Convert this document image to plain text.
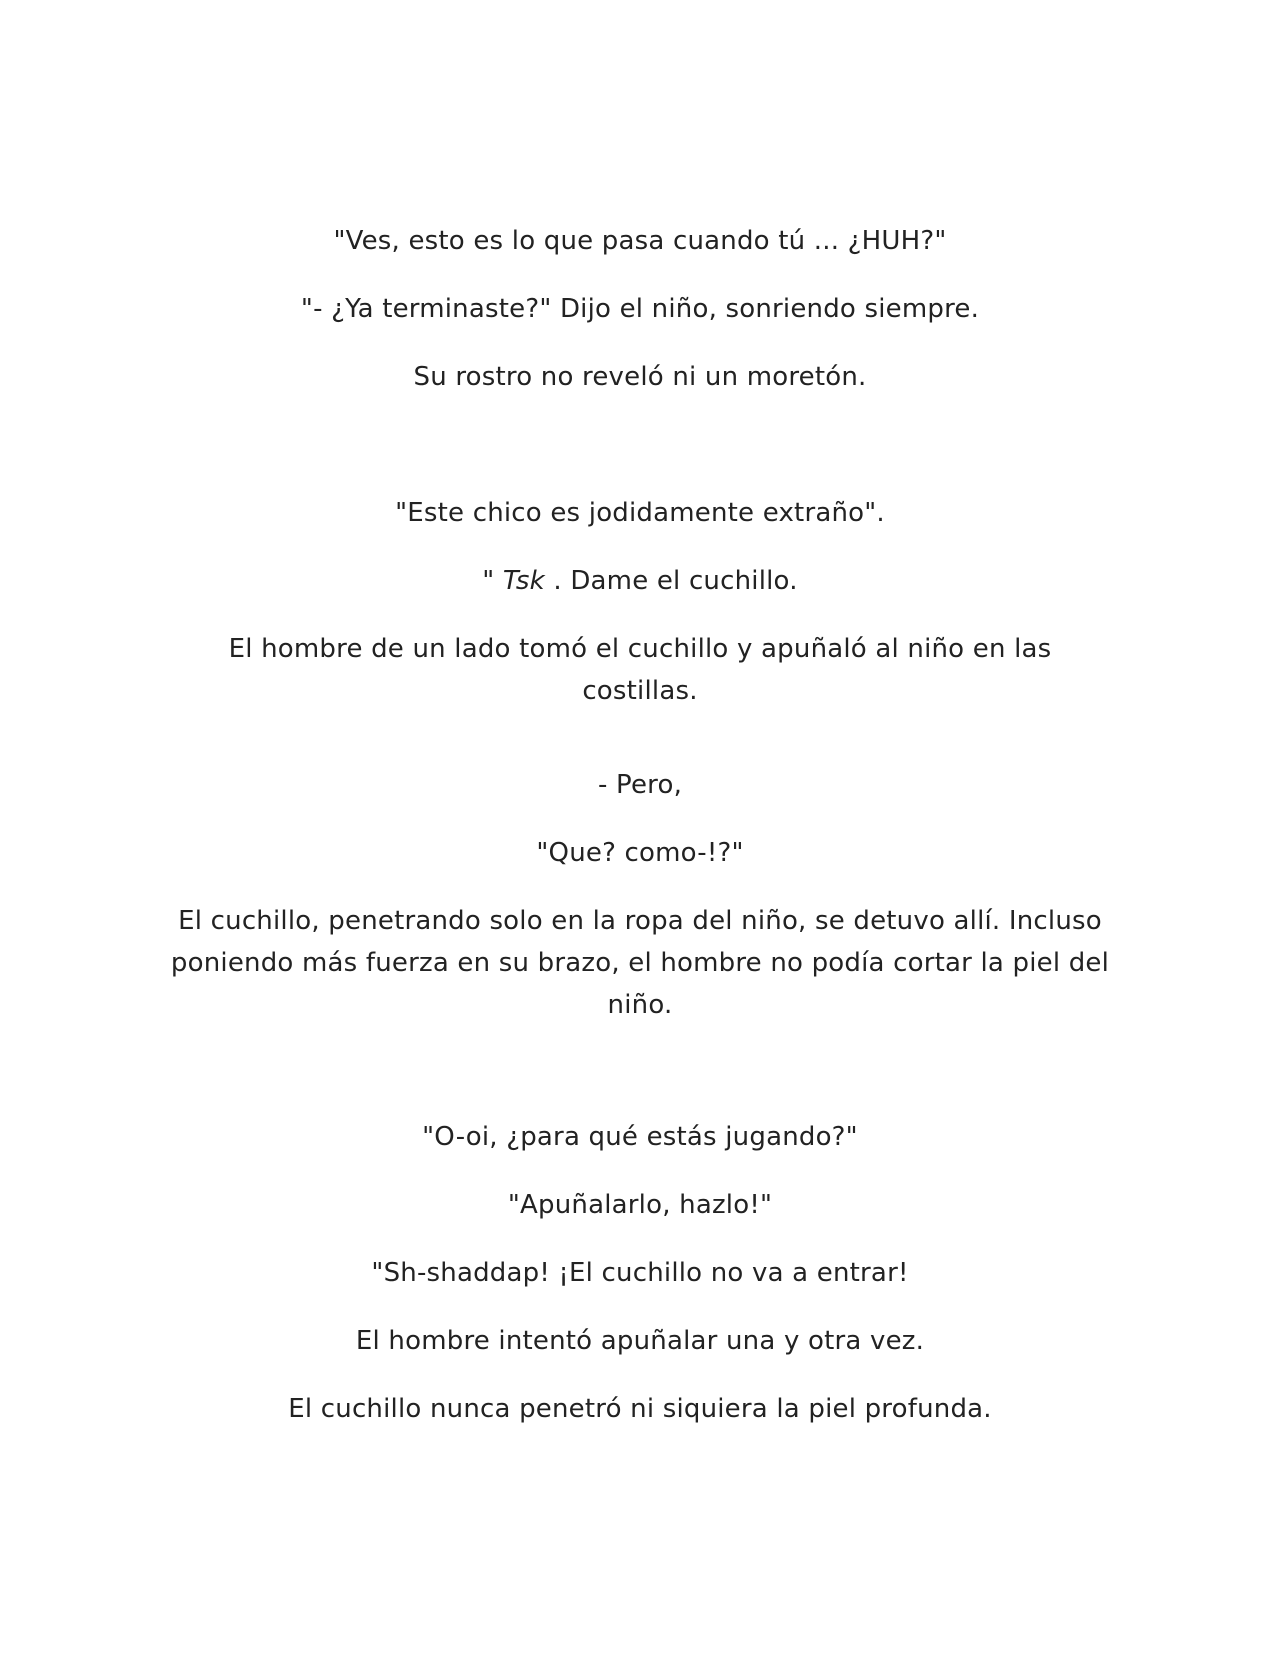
"Ves, esto es lo que pasa cuando tú ... ¿HUH?"

"- ¿Ya terminaste?" Dijo el niño, sonriendo siempre.

Su rostro no reveló ni un moretón.

"Este chico es jodidamente extraño".

" Tsk . Dame el cuchillo.

El hombre de un lado tomó el cuchillo y apuñaló al niño en las costillas.

- Pero,

"Que? como-!?"

El cuchillo, penetrando solo en la ropa del niño, se detuvo allí. Incluso poniendo más fuerza en su brazo, el hombre no podía cortar la piel del niño.

"O-oi, ¿para qué estás jugando?"

"Apuñalarlo, hazlo!"

"Sh-shaddap! ¡El cuchillo no va a entrar!

El hombre intentó apuñalar una y otra vez.

El cuchillo nunca penetró ni siquiera la piel profunda.
